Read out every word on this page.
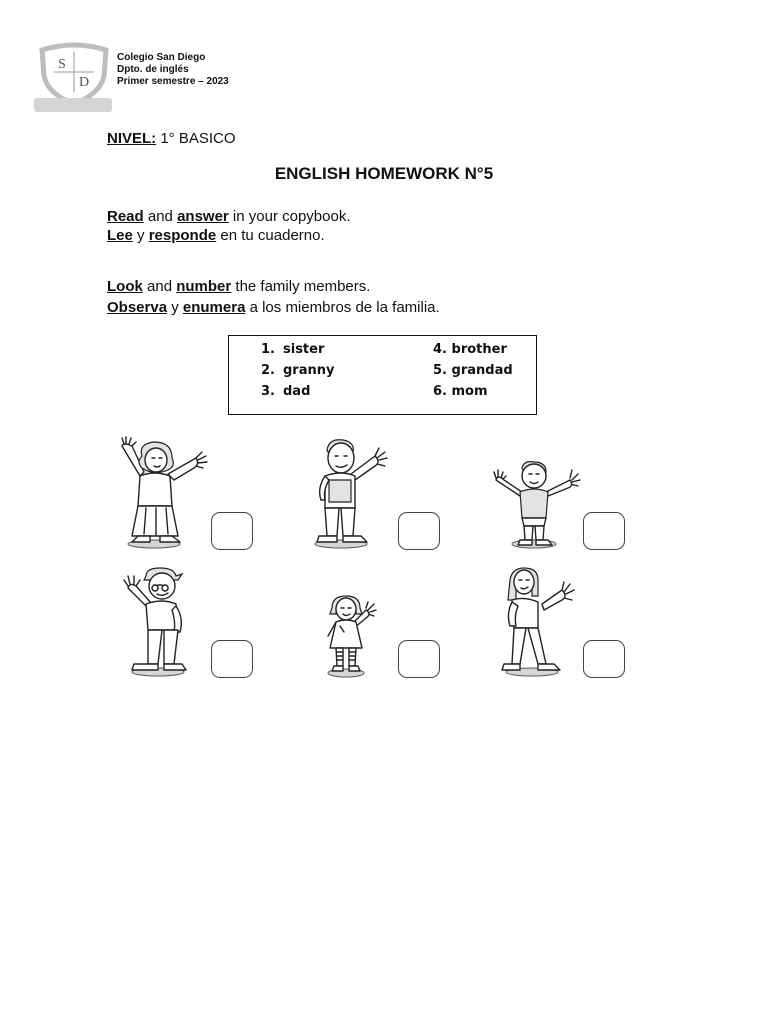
S
D
Colegio San Diego
Dpto. de inglés
Primer semestre – 2023
NIVEL: 1° BASICO
ENGLISH HOMEWORK N°5
Read and answer in your copybook.
Lee y responde en tu cuaderno.
Look and number the family members.
Observa y enumera a los miembros de la familia.
1. sister
2. granny
3. dad
4. brother
5. grandad
6. mom
